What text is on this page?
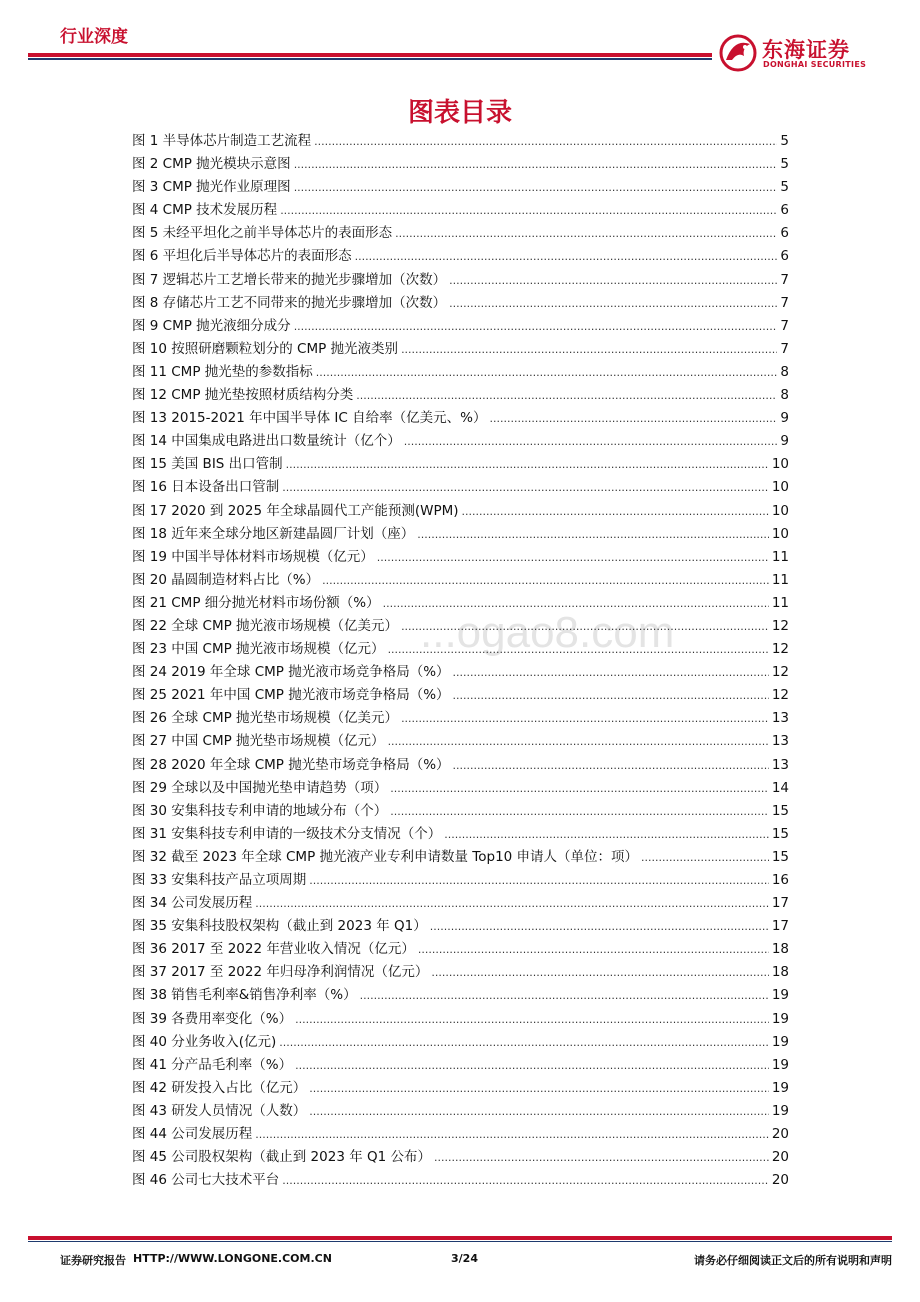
行业深度
东海证券
DONGHAI SECURITIES
图表目录
...ogao8.com
图 1 半导体芯片制造工艺流程 .....	5
图 2 CMP 抛光模块示意图 .....	5
图 3 CMP 抛光作业原理图 .....	5
图 4 CMP 技术发展历程 .....	6
图 5 未经平坦化之前半导体芯片的表面形态 .....	6
图 6 平坦化后半导体芯片的表面形态 .....	6
图 7 逻辑芯片工艺增长带来的抛光步骤增加（次数） .....	7
图 8 存储芯片工艺不同带来的抛光步骤增加（次数） .....	7
图 9 CMP 抛光液细分成分 .....	7
图 10 按照研磨颗粒划分的 CMP 抛光液类别 .....	7
图 11 CMP 抛光垫的参数指标 .....	8
图 12 CMP 抛光垫按照材质结构分类 .....	8
图 13 2015-2021 年中国半导体 IC 自给率（亿美元、%） .....	9
图 14 中国集成电路进出口数量统计（亿个） .....	9
图 15 美国 BIS 出口管制 .....	10
图 16 日本设备出口管制 .....	10
图 17 2020 到 2025 年全球晶圆代工产能预测(WPM) .....	10
图 18 近年来全球分地区新建晶圆厂计划（座） .....	10
图 19 中国半导体材料市场规模（亿元） .....	11
图 20 晶圆制造材料占比（%） .....	11
图 21 CMP 细分抛光材料市场份额（%） .....	11
图 22 全球 CMP 抛光液市场规模（亿美元） .....	12
图 23 中国 CMP 抛光液市场规模（亿元） .....	12
图 24 2019 年全球 CMP 抛光液市场竞争格局（%） .....	12
图 25 2021 年中国 CMP 抛光液市场竞争格局（%） .....	12
图 26 全球 CMP 抛光垫市场规模（亿美元） .....	13
图 27 中国 CMP 抛光垫市场规模（亿元） .....	13
图 28 2020 年全球 CMP 抛光垫市场竞争格局（%） .....	13
图 29 全球以及中国抛光垫申请趋势（项） .....	14
图 30 安集科技专利申请的地域分布（个） .....	15
图 31 安集科技专利申请的一级技术分支情况（个） .....	15
图 32 截至 2023 年全球 CMP 抛光液产业专利申请数量 Top10 申请人（单位：项） .....	15
图 33 安集科技产品立项周期 .....	16
图 34 公司发展历程 .....	17
图 35 安集科技股权架构（截止到 2023 年 Q1） .....	17
图 36 2017 至 2022 年营业收入情况（亿元） .....	18
图 37 2017 至 2022 年归母净利润情况（亿元） .....	18
图 38 销售毛利率&销售净利率（%） .....	19
图 39 各费用率变化（%） .....	19
图 40 分业务收入(亿元) .....	19
图 41 分产品毛利率（%） .....	19
图 42 研发投入占比（亿元） .....	19
图 43 研发人员情况（人数） .....	19
图 44 公司发展历程 .....	20
图 45 公司股权架构（截止到 2023 年 Q1 公布） .....	20
图 46 公司七大技术平台 .....	20
证券研究报告 HTTP://WWW.LONGONE.COM.CN	3/24	请务必仔细阅读正文后的所有说明和声明
